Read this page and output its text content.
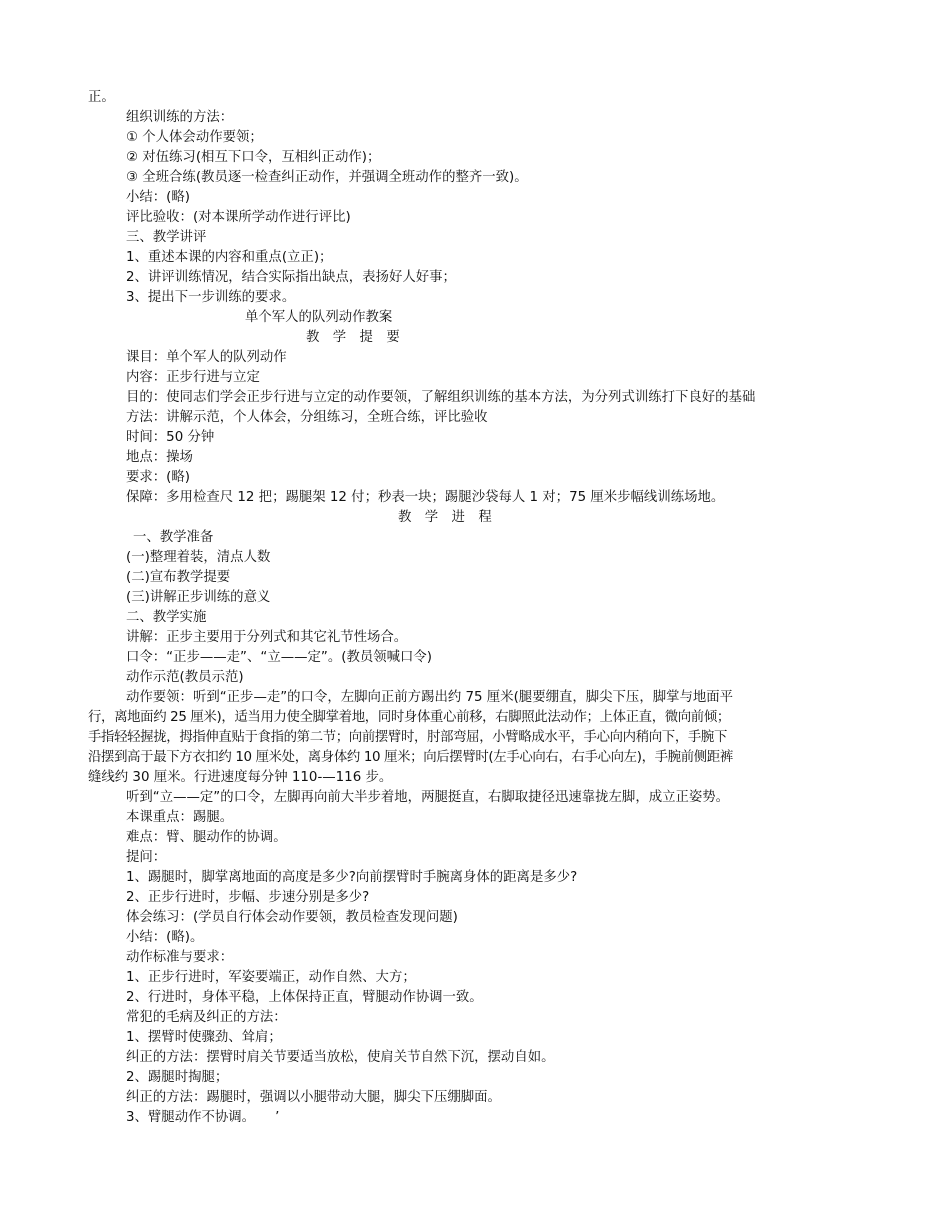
正。
组织训练的方法：
① 个人体会动作要领；
② 对伍练习(相互下口令，互相纠正动作)；
③ 全班合练(教员逐一检查纠正动作，并强调全班动作的整齐一致)。
小结：(略)
评比验收：(对本课所学动作进行评比)
三、教学讲评
1、重述本课的内容和重点(立正)；
2、讲评训练情况，结合实际指出缺点，表扬好人好事；
3、提出下一步训练的要求。
单个军人的队列动作教案
教　学　提　要
课目：单个军人的队列动作
内容：正步行进与立定
目的：使同志们学会正步行进与立定的动作要领，了解组织训练的基本方法，为分列式训练打下良好的基础
方法：讲解示范，个人体会，分组练习，全班合练，评比验收
时间：50 分钟
地点：操场
要求：(略)
保障：多用检查尺 12 把；踢腿架 12 付；秒表一块；踢腿沙袋每人 1 对；75 厘米步幅线训练场地。
教　学　进　程
一、教学准备
(一)整理着装，清点人数
(二)宣布教学提要
(三)讲解正步训练的意义
二、教学实施
讲解：正步主要用于分列式和其它礼节性场合。
口令：“正步——走”、“立——定”。(教员领喊口令)
动作示范(教员示范)
动作要领：听到“正步—走”的口令，左脚向正前方踢出约 75 厘米(腿要绷直，脚尖下压，脚掌与地面平
行，离地面约 25 厘米)，适当用力使全脚掌着地，同时身体重心前移，右脚照此法动作；上体正直，微向前倾；
手指轻轻握拢，拇指伸直贴于食指的第二节；向前摆臂时，肘部弯屈，小臂略成水平，手心向内稍向下，手腕下
沿摆到高于最下方衣扣约 10 厘米处，离身体约 10 厘米；向后摆臂时(左手心向右，右手心向左)，手腕前侧距裤
缝线约 30 厘米。行进速度每分钟 110-—116 步。
听到“立——定”的口令，左脚再向前大半步着地，两腿挺直，右脚取捷径迅速靠拢左脚，成立正姿势。
本课重点：踢腿。
难点：臂、腿动作的协调。
提问：
1、踢腿时，脚掌离地面的高度是多少?向前摆臂时手腕离身体的距离是多少?
2、正步行进时，步幅、步速分别是多少?
体会练习：(学员自行体会动作要领，教员检查发现问题)
小结：(略)。
动作标准与要求：
1、正步行进时，军姿要端正，动作自然、大方；
2、行进时，身体平稳，上体保持正直，臂腿动作协调一致。
常犯的毛病及纠正的方法：
1、摆臂时使骤劲、耸肩；
纠正的方法：摆臂时肩关节要适当放松，使肩关节自然下沉，摆动自如。
2、踢腿时掏腿；
纠正的方法：踢腿时，强调以小腿带动大腿，脚尖下压绷脚面。
3、臂腿动作不协调。　　’
